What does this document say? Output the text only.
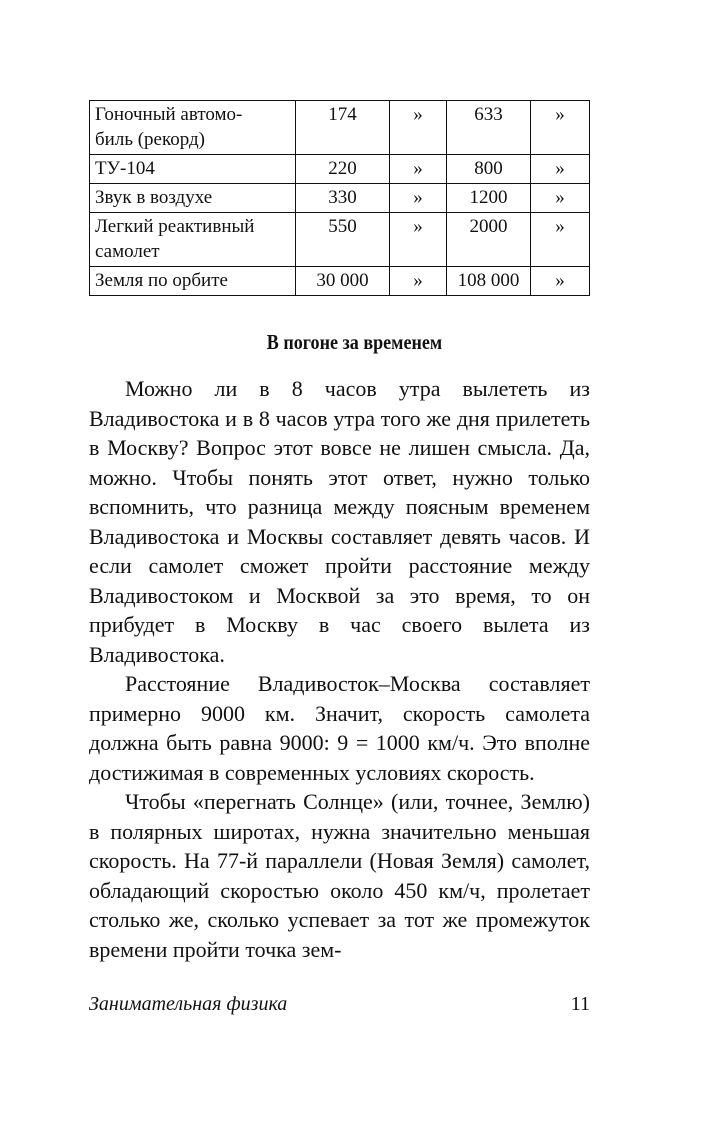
Гоночный автомо-
биль (рекорд)	174	»	633	»
ТУ-104	220	»	800	»
Звук в воздухе	330	»	1200	»
Легкий реактивный
самолет	550	»	2000	»
Земля по орбите	30 000	»	108 000	»
В погоне за временем

Можно ли в 8 часов утра вылететь из Владивостока и в 8 часов утра того же дня прилететь в Москву? Вопрос этот вовсе не лишен смысла. Да, можно. Чтобы понять этот ответ, нужно только вспомнить, что разница между поясным временем Владивостока и Москвы составляет девять часов. И если самолет сможет пройти расстояние между Владивостоком и Москвой за это время, то он прибудет в Москву в час своего вылета из Владивостока.

Расстояние Владивосток–Москва составляет примерно 9000 км. Значит, скорость самолета должна быть равна 9000: 9 = 1000 км/ч. Это вполне достижимая в современных условиях скорость.

Чтобы «перегнать Солнце» (или, точнее, Землю) в полярных широтах, нужна значительно меньшая скорость. На 77-й параллели (Новая Земля) самолет, обладающий скоростью около 450 км/ч, пролетает столько же, сколько успевает за тот же промежуток времени пройти точка зем-

Занимательная физика	11
